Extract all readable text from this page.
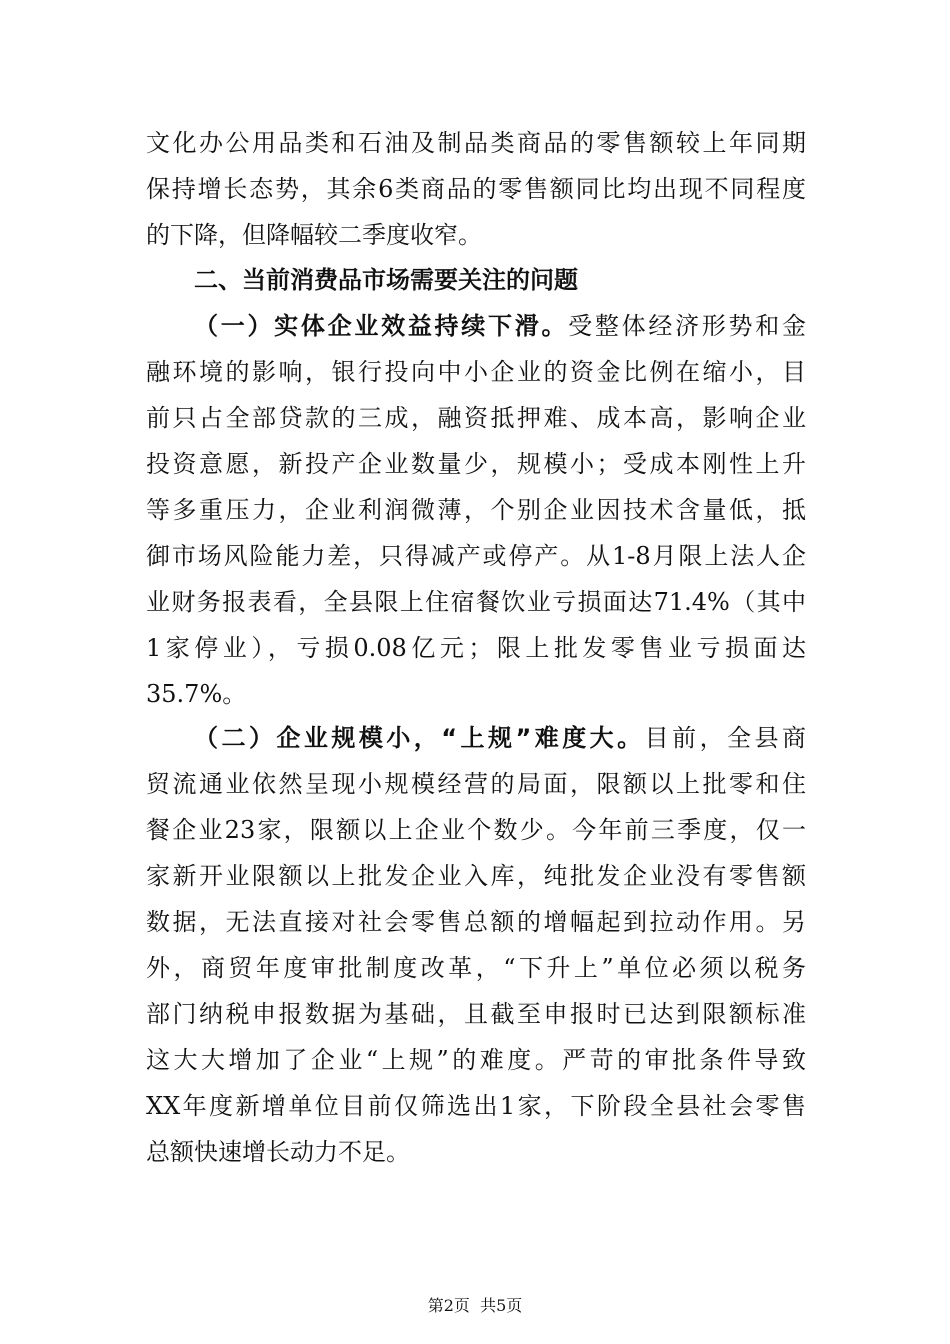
文化办公用品类和石油及制品类商品的零售额较上年同期
保持增长态势，其余6类商品的零售额同比均出现不同程度
的下降，但降幅较二季度收窄。
二、当前消费品市场需要关注的问题
（一）实体企业效益持续下滑。受整体经济形势和金
融环境的影响，银行投向中小企业的资金比例在缩小，目
前只占全部贷款的三成，融资抵押难、成本高，影响企业
投资意愿，新投产企业数量少，规模小；受成本刚性上升
等多重压力，企业利润微薄，个别企业因技术含量低，抵
御市场风险能力差，只得减产或停产。从1-8月限上法人企
业财务报表看，全县限上住宿餐饮业亏损面达71.4%（其中
1家停业），亏损0.08亿元；限上批发零售业亏损面达
35.7%。
（二）企业规模小，“上规”难度大。目前，全县商
贸流通业依然呈现小规模经营的局面，限额以上批零和住
餐企业23家，限额以上企业个数少。今年前三季度，仅一
家新开业限额以上批发企业入库，纯批发企业没有零售额
数据，无法直接对社会零售总额的增幅起到拉动作用。另
外，商贸年度审批制度改革，“下升上”单位必须以税务
部门纳税申报数据为基础，且截至申报时已达到限额标准
这大大增加了企业“上规”的难度。严苛的审批条件导致
XX年度新增单位目前仅筛选出1家，下阶段全县社会零售
总额快速增长动力不足。
第2页 共5页
